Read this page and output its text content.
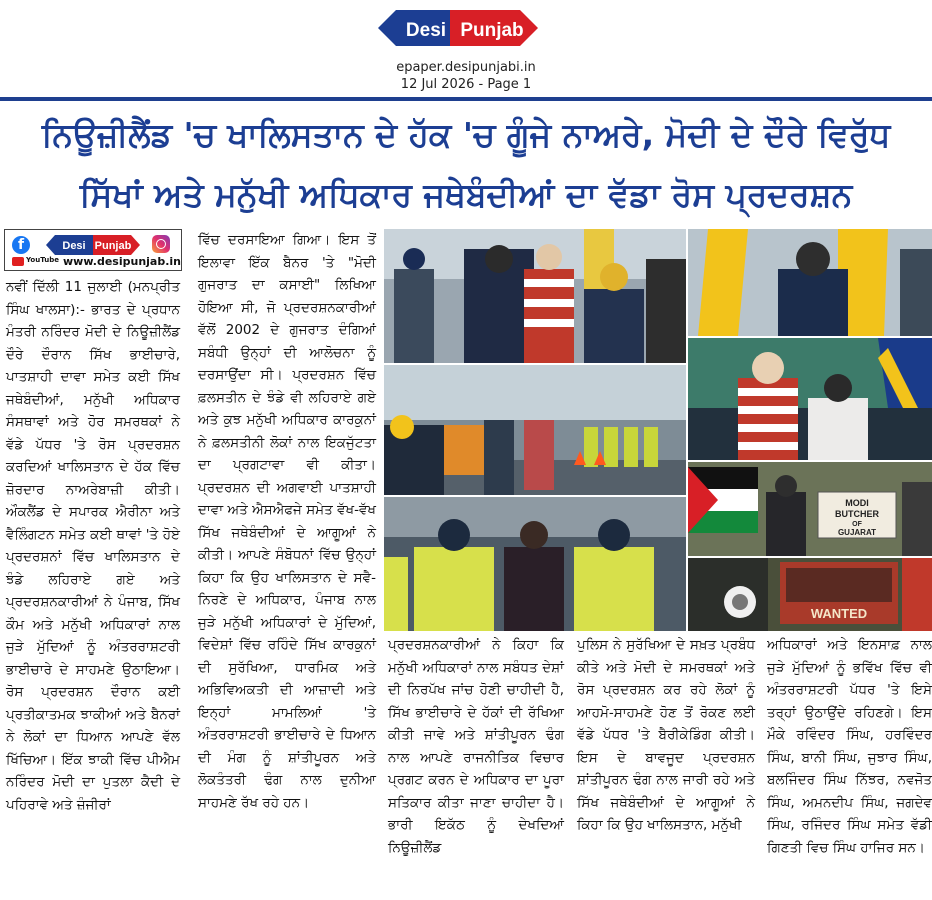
Desi Punjab
epaper.desipunjabi.in
12 Jul 2026 - Page 1
ਨਿਊਜ਼ੀਲੈਂਡ 'ਚ ਖਾਲਿਸਤਾਨ ਦੇ ਹੱਕ 'ਚ ਗੂੰਜੇ ਨਾਅਰੇ, ਮੋਦੀ ਦੇ ਦੌਰੇ ਵਿਰੁੱਧ
ਸਿੱਖਾਂ ਅਤੇ ਮਨੁੱਖੀ ਅਧਿਕਾਰ ਜਥੇਬੰਦੀਆਂ ਦਾ ਵੱਡਾ ਰੋਸ ਪ੍ਰਦਰਸ਼ਨ
f	Desi Punjab
YouTube www.desipunjab.in

ਨਵੀਂ ਦਿੱਲੀ 11 ਜੁਲਾਈ (ਮਨਪ੍ਰੀਤ ਸਿੰਘ ਖਾਲਸਾ):- ਭਾਰਤ ਦੇ ਪ੍ਰਧਾਨ ਮੰਤਰੀ ਨਰਿੰਦਰ ਮੋਦੀ ਦੇ ਨਿਊਜ਼ੀਲੈਂਡ ਦੌਰੇ ਦੌਰਾਨ ਸਿੱਖ ਭਾਈਚਾਰੇ, ਪਾਤਸ਼ਾਹੀ ਦਾਵਾ ਸਮੇਤ ਕਈ ਸਿੱਖ ਜਥੇਬੰਦੀਆਂ, ਮਨੁੱਖੀ ਅਧਿਕਾਰ ਸੰਸਥਾਵਾਂ ਅਤੇ ਹੋਰ ਸਮਰਥਕਾਂ ਨੇ ਵੱਡੇ ਪੱਧਰ 'ਤੇ ਰੋਸ ਪ੍ਰਦਰਸ਼ਨ ਕਰਦਿਆਂ ਖਾਲਿਸਤਾਨ ਦੇ ਹੱਕ ਵਿੱਚ ਜ਼ੋਰਦਾਰ ਨਾਅਰੇਬਾਜ਼ੀ ਕੀਤੀ। ਔਕਲੈਂਡ ਦੇ ਸਪਾਰਕ ਐਰੀਨਾ ਅਤੇ ਵੈਲਿੰਗਟਨ ਸਮੇਤ ਕਈ ਥਾਵਾਂ 'ਤੇ ਹੋਏ ਪ੍ਰਦਰਸ਼ਨਾਂ ਵਿੱਚ ਖਾਲਿਸਤਾਨ ਦੇ ਝੰਡੇ ਲਹਿਰਾਏ ਗਏ ਅਤੇ ਪ੍ਰਦਰਸ਼ਨਕਾਰੀਆਂ ਨੇ ਪੰਜਾਬ, ਸਿੱਖ ਕੌਮ ਅਤੇ ਮਨੁੱਖੀ ਅਧਿਕਾਰਾਂ ਨਾਲ ਜੁੜੇ ਮੁੱਦਿਆਂ ਨੂੰ ਅੰਤਰਰਾਸ਼ਟਰੀ ਭਾਈਚਾਰੇ ਦੇ ਸਾਹਮਣੇ ਉਠਾਇਆ। ਰੋਸ ਪ੍ਰਦਰਸ਼ਨ ਦੌਰਾਨ ਕਈ ਪ੍ਰਤੀਕਾਤਮਕ ਝਾਕੀਆਂ ਅਤੇ ਬੈਨਰਾਂ ਨੇ ਲੋਕਾਂ ਦਾ ਧਿਆਨ ਆਪਣੇ ਵੱਲ ਖਿੱਚਿਆ। ਇੱਕ ਝਾਕੀ ਵਿੱਚ ਪੀਐਮ ਨਰਿੰਦਰ ਮੋਦੀ ਦਾ ਪੁਤਲਾ ਕੈਦੀ ਦੇ ਪਹਿਰਾਵੇ ਅਤੇ ਜ਼ੰਜੀਰਾਂ

ਵਿੱਚ ਦਰਸਾਇਆ ਗਿਆ। ਇਸ ਤੋਂ ਇਲਾਵਾ ਇੱਕ ਬੈਨਰ 'ਤੇ "ਮੋਦੀ ਗੁਜਰਾਤ ਦਾ ਕਸਾਈ" ਲਿਖਿਆ ਹੋਇਆ ਸੀ, ਜੋ ਪ੍ਰਦਰਸ਼ਨਕਾਰੀਆਂ ਵੱਲੋਂ 2002 ਦੇ ਗੁਜਰਾਤ ਦੰਗਿਆਂ ਸਬੰਧੀ ਉਨ੍ਹਾਂ ਦੀ ਆਲੋਚਨਾ ਨੂੰ ਦਰਸਾਉਂਦਾ ਸੀ। ਪ੍ਰਦਰਸ਼ਨ ਵਿੱਚ ਫ਼ਲਸਤੀਨ ਦੇ ਝੰਡੇ ਵੀ ਲਹਿਰਾਏ ਗਏ ਅਤੇ ਕੁਝ ਮਨੁੱਖੀ ਅਧਿਕਾਰ ਕਾਰਕੁਨਾਂ ਨੇ ਫ਼ਲਸਤੀਨੀ ਲੋਕਾਂ ਨਾਲ ਇਕਜੁੱਟਤਾ ਦਾ ਪ੍ਰਗਟਾਵਾ ਵੀ ਕੀਤਾ। ਪ੍ਰਦਰਸ਼ਨ ਦੀ ਅਗਵਾਈ ਪਾਤਸ਼ਾਹੀ ਦਾਵਾ ਅਤੇ ਐਸਐਫਜੇ ਸਮੇਤ ਵੱਖ-ਵੱਖ ਸਿੱਖ ਜਥੇਬੰਦੀਆਂ ਦੇ ਆਗੂਆਂ ਨੇ ਕੀਤੀ। ਆਪਣੇ ਸੰਬੋਧਨਾਂ ਵਿੱਚ ਉਨ੍ਹਾਂ ਕਿਹਾ ਕਿ ਉਹ ਖਾਲਿਸਤਾਨ ਦੇ ਸਵੈ-ਨਿਰਣੇ ਦੇ ਅਧਿਕਾਰ, ਪੰਜਾਬ ਨਾਲ ਜੁੜੇ ਮਨੁੱਖੀ ਅਧਿਕਾਰਾਂ ਦੇ ਮੁੱਦਿਆਂ, ਵਿਦੇਸ਼ਾਂ ਵਿੱਚ ਰਹਿੰਦੇ ਸਿੱਖ ਕਾਰਕੁਨਾਂ ਦੀ ਸੁਰੱਖਿਆ, ਧਾਰਮਿਕ ਅਤੇ ਅਭਿਵਿਅਕਤੀ ਦੀ ਆਜ਼ਾਦੀ ਅਤੇ ਇਨ੍ਹਾਂ ਮਾਮਲਿਆਂ 'ਤੇ ਅੰਤਰਰਾਸ਼ਟਰੀ ਭਾਈਚਾਰੇ ਦੇ ਧਿਆਨ ਦੀ ਮੰਗ ਨੂੰ ਸ਼ਾਂਤੀਪੂਰਨ ਅਤੇ ਲੋਕਤੰਤਰੀ ਢੰਗ ਨਾਲ ਦੁਨੀਆ ਸਾਹਮਣੇ ਰੱਖ ਰਹੇ ਹਨ।

ਪ੍ਰਦਰਸ਼ਨਕਾਰੀਆਂ ਨੇ ਕਿਹਾ ਕਿ ਮਨੁੱਖੀ ਅਧਿਕਾਰਾਂ ਨਾਲ ਸਬੰਧਤ ਦੇਸ਼ਾਂ ਦੀ ਨਿਰਪੱਖ ਜਾਂਚ ਹੋਣੀ ਚਾਹੀਦੀ ਹੈ, ਸਿੱਖ ਭਾਈਚਾਰੇ ਦੇ ਹੱਕਾਂ ਦੀ ਰੱਖਿਆ ਕੀਤੀ ਜਾਵੇ ਅਤੇ ਸ਼ਾਂਤੀਪੂਰਨ ਢੰਗ ਨਾਲ ਆਪਣੇ ਰਾਜਨੀਤਿਕ ਵਿਚਾਰ ਪ੍ਰਗਟ ਕਰਨ ਦੇ ਅਧਿਕਾਰ ਦਾ ਪੂਰਾ ਸਤਿਕਾਰ ਕੀਤਾ ਜਾਣਾ ਚਾਹੀਦਾ ਹੈ। ਭਾਰੀ ਇਕੱਠ ਨੂੰ ਦੇਖਦਿਆਂ ਨਿਊਜ਼ੀਲੈਂਡ

ਪੁਲਿਸ ਨੇ ਸੁਰੱਖਿਆ ਦੇ ਸਖ਼ਤ ਪ੍ਰਬੰਧ ਕੀਤੇ ਅਤੇ ਮੋਦੀ ਦੇ ਸਮਰਥਕਾਂ ਅਤੇ ਰੋਸ ਪ੍ਰਦਰਸ਼ਨ ਕਰ ਰਹੇ ਲੋਕਾਂ ਨੂੰ ਆਹਮੋ-ਸਾਹਮਣੇ ਹੋਣ ਤੋਂ ਰੋਕਣ ਲਈ ਵੱਡੇ ਪੱਧਰ 'ਤੇ ਬੈਰੀਕੇਡਿੰਗ ਕੀਤੀ। ਇਸ ਦੇ ਬਾਵਜੂਦ ਪ੍ਰਦਰਸ਼ਨ ਸ਼ਾਂਤੀਪੂਰਨ ਢੰਗ ਨਾਲ ਜਾਰੀ ਰਹੇ ਅਤੇ ਸਿੱਖ ਜਥੇਬੰਦੀਆਂ ਦੇ ਆਗੂਆਂ ਨੇ ਕਿਹਾ ਕਿ ਉਹ ਖਾਲਿਸਤਾਨ, ਮਨੁੱਖੀ

ਅਧਿਕਾਰਾਂ ਅਤੇ ਇਨਸਾਫ਼ ਨਾਲ ਜੁੜੇ ਮੁੱਦਿਆਂ ਨੂੰ ਭਵਿੱਖ ਵਿੱਚ ਵੀ ਅੰਤਰਰਾਸ਼ਟਰੀ ਪੱਧਰ 'ਤੇ ਇਸੇ ਤਰ੍ਹਾਂ ਉਠਾਉਂਦੇ ਰਹਿਣਗੇ। ਇਸ ਮੌਕੇ ਰਵਿੰਦਰ ਸਿੰਘ, ਹਰਵਿੰਦਰ ਸਿੰਘ, ਬਾਨੀ ਸਿੰਘ, ਜੁਝਾਰ ਸਿੰਘ, ਬਲਜਿੰਦਰ ਸਿੰਘ ਨਿੱਝਰ, ਨਵਜੋਤ ਸਿੰਘ, ਅਮਨਦੀਪ ਸਿੰਘ, ਜਗਦੇਵ ਸਿੰਘ, ਰਜਿੰਦਰ ਸਿੰਘ ਸਮੇਤ ਵੱਡੀ ਗਿਣਤੀ ਵਿਚ ਸਿੰਘ ਹਾਜਿਰ ਸਨ।

MODI
BUTCHER
OF
GUJARAT
WANTED
